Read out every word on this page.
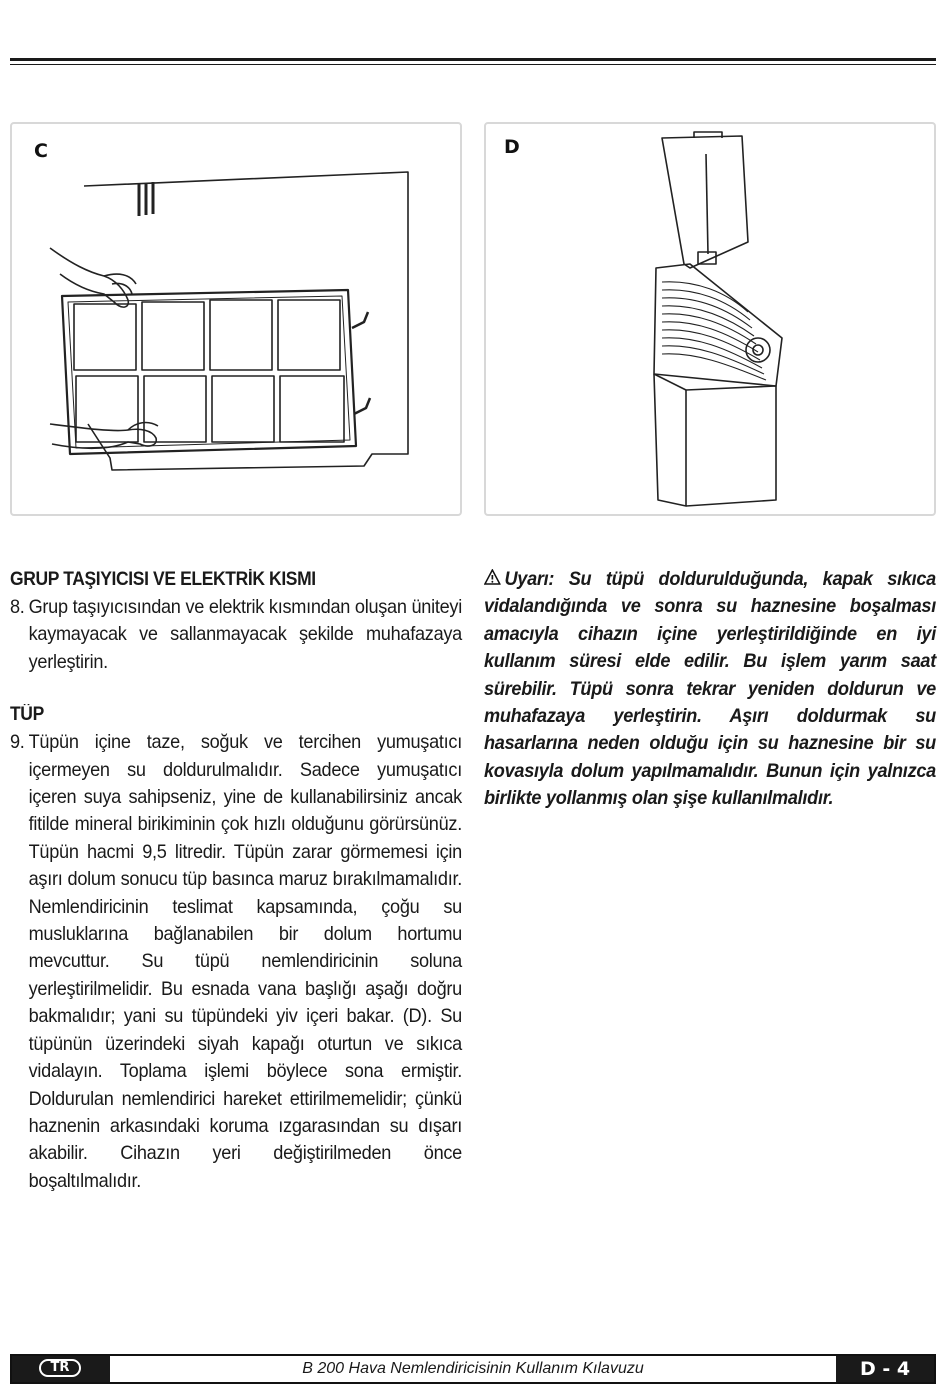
C	D
GRUP TAŞIYICISI VE ELEKTRİK KISMI
8. Grup taşıyıcısından ve elektrik kısmından oluşan üniteyi kaymayacak ve sallanmayacak şekilde muhafazaya yerleştirin.
TÜP
9. Tüpün içine taze, soğuk ve tercihen yumuşatıcı içermeyen su doldurulmalıdır. Sadece yumuşatıcı içeren suya sahipseniz, yine de kullanabilirsiniz ancak fitilde mineral birikiminin çok hızlı olduğunu görürsünüz. Tüpün hacmi 9,5 litredir. Tüpün zarar görmemesi için aşırı dolum sonucu tüp basınca maruz bırakılmamalıdır. Nemlendiricinin teslimat kapsamında, çoğu su musluklarına bağlanabilen bir dolum hortumu mevcuttur. Su tüpü nemlendiricinin soluna yerleştirilmelidir. Bu esnada vana başlığı aşağı doğru bakmalıdır; yani su tüpündeki yiv içeri bakar. (D). Su tüpünün üzerindeki siyah kapağı oturtun ve sıkıca vidalayın. Toplama işlemi böylece sona ermiştir. Doldurulan nemlendirici hareket ettirilmemelidir; çünkü haznenin arkasındaki koruma ızgarasından su dışarı akabilir. Cihazın yeri değiştirilmeden önce boşaltılmalıdır.

Uyarı: Su tüpü doldurulduğunda, kapak sıkıca vidalandığında ve sonra su haznesine boşalması amacıyla cihazın içine yerleştirildiğinde en iyi kullanım süresi elde edilir. Bu işlem yarım saat sürebilir. Tüpü sonra tekrar yeniden doldurun ve muhafazaya yerleştirin. Aşırı doldurmak su hasarlarına neden olduğu için su haznesine bir su kovasıyla dolum yapılmamalıdır. Bunun için yalnızca birlikte yollanmış olan şişe kullanılmalıdır.

TR	B 200 Hava Nemlendiricisinin Kullanım Kılavuzu	D - 4
